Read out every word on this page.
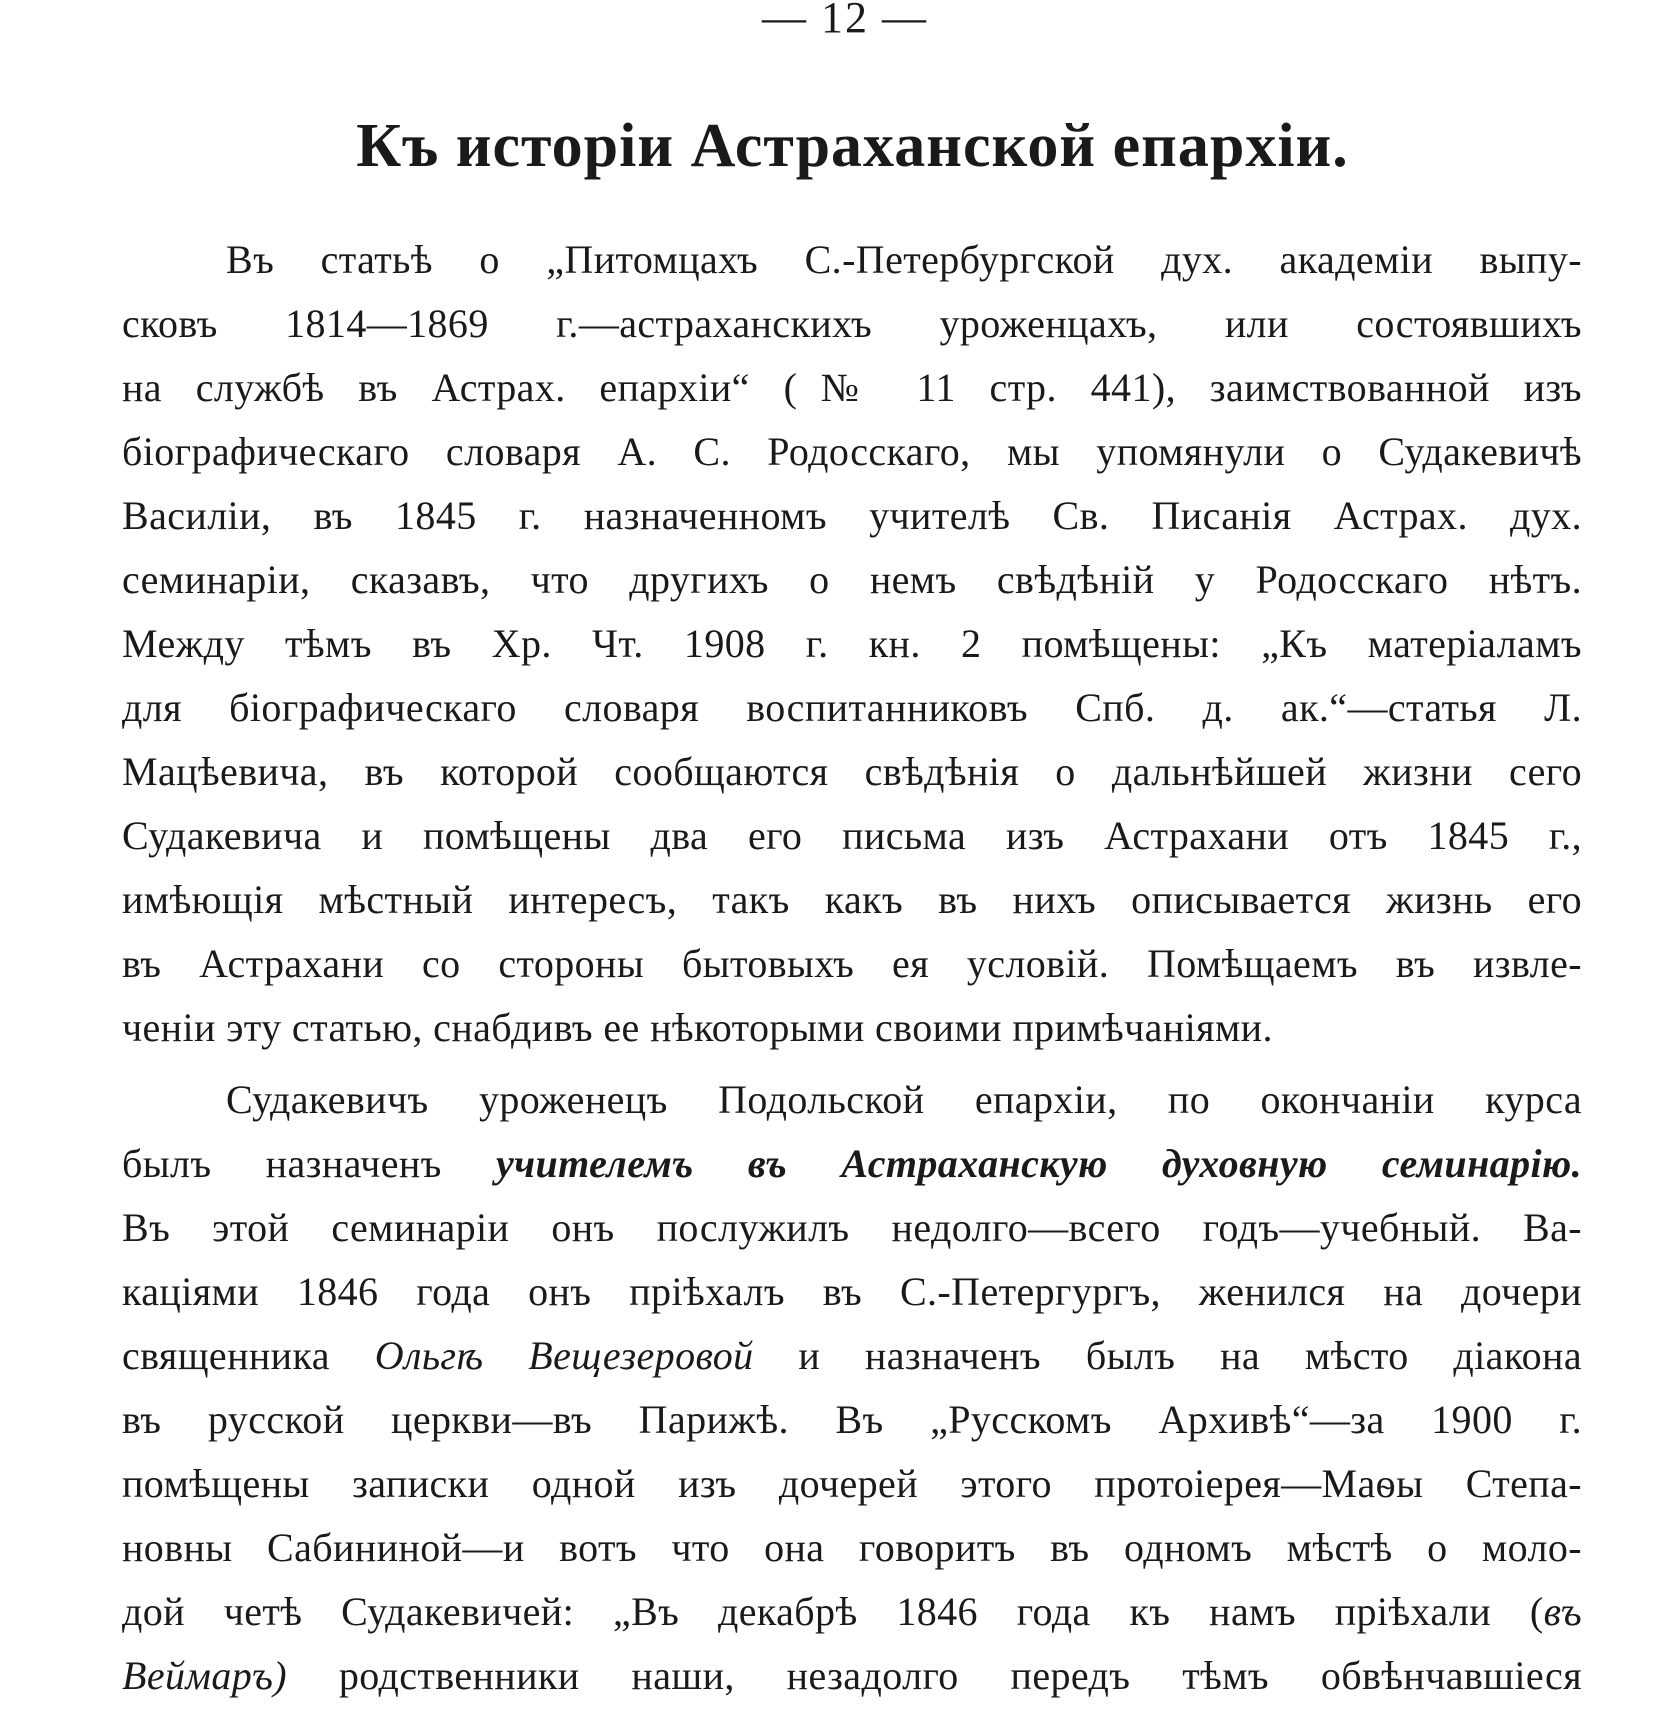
— 12 —
Къ исторіи Астраханской епархіи.
Въ статьѣ о „Питомцахъ С.-Петербургской дух. академіи выпу-
сковъ 1814—1869 г.—астраханскихъ уроженцахъ, или состоявшихъ
на службѣ въ Астрах. епархіи“ (№ 11 стр. 441), заимствованной изъ
біографическаго словаря А. С. Родосскаго, мы упомянули о Судакевичѣ
Василіи, въ 1845 г. назначенномъ учителѣ Св. Писанія Астрах. дух.
семинаріи, сказавъ, что другихъ о немъ свѣдѣній у Родосскаго нѣтъ.
Между тѣмъ въ Хр. Чт. 1908 г. кн. 2 помѣщены: „Къ матеріаламъ
для біографическаго словаря воспитанниковъ Спб. д. ак.“—статья Л.
Мацѣевича, въ которой сообщаются свѣдѣнія о дальнѣйшей жизни сего
Судакевича и помѣщены два его письма изъ Астрахани отъ 1845 г.,
имѣющія мѣстный интересъ, такъ какъ въ нихъ описывается жизнь его
въ Астрахани со стороны бытовыхъ ея условій. Помѣщаемъ въ извле-
ченіи эту статью, снабдивъ ее нѣкоторыми своими примѣчаніями.
Судакевичъ уроженецъ Подольской епархіи, по окончаніи курса
былъ назначенъ учителемъ въ Астраханскую духовную семинарію.
Въ этой семинаріи онъ послужилъ недолго—всего годъ—учебный. Ва-
каціями 1846 года онъ пріѣхалъ въ С.-Петергургъ, женился на дочери
священника Ольгѣ Вещезеровой и назначенъ былъ на мѣсто діакона
въ русской церкви—въ Парижѣ. Въ „Русскомъ Архивѣ“—за 1900 г.
помѣщены записки одной изъ дочерей этого протоіерея—Маѳы Степа-
новны Сабининой—и вотъ что она говоритъ въ одномъ мѣстѣ о моло-
дой четѣ Судакевичей: „Въ декабрѣ 1846 года къ намъ пріѣхали (въ
Веймаръ) родственники наши, незадолго передъ тѣмъ обвѣнчавшіеся
